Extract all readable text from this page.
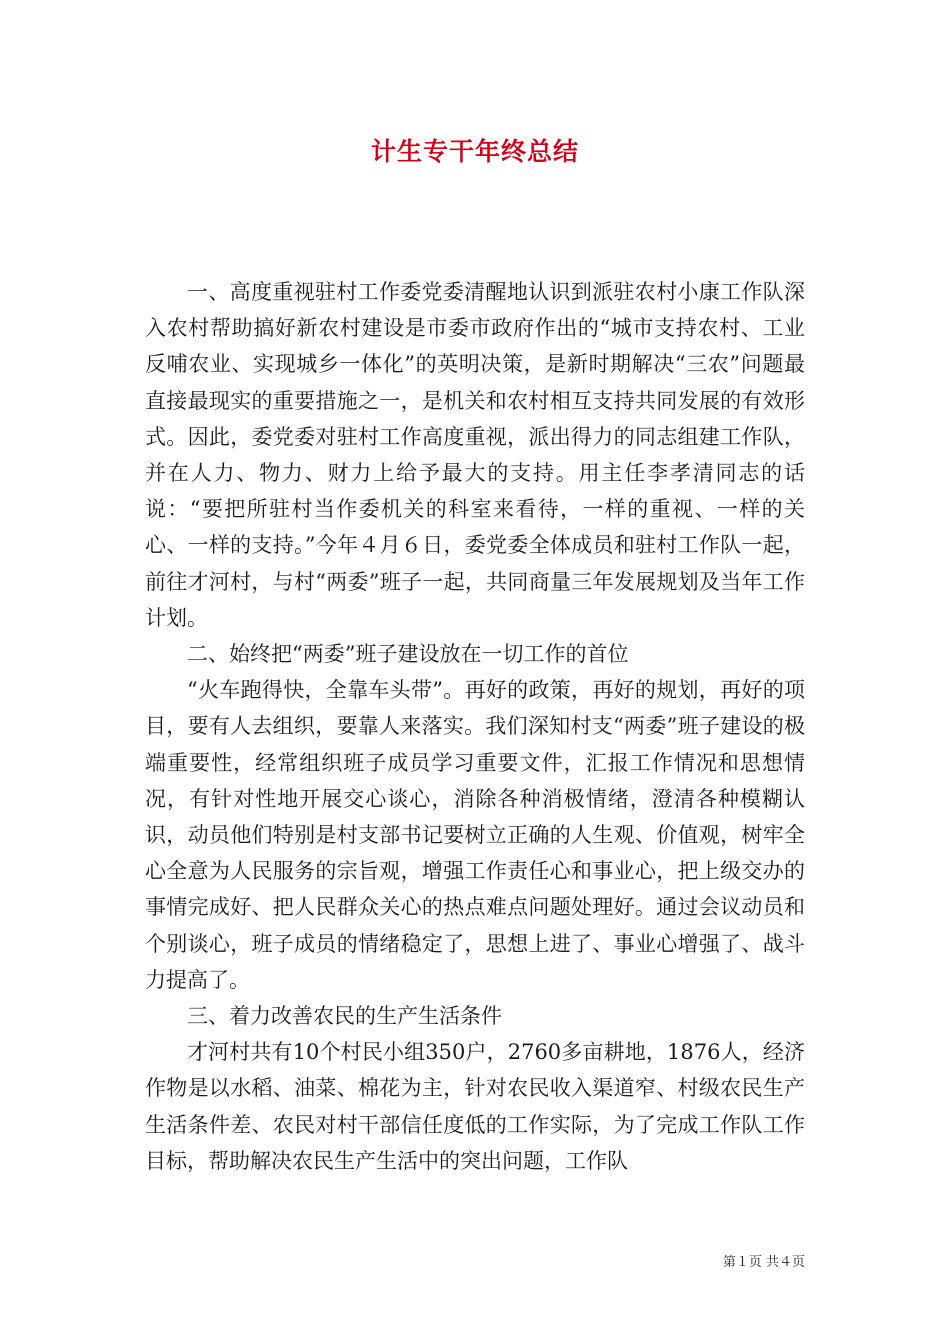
计生专干年终总结

一、高度重视驻村工作委党委清醒地认识到派驻农村小康工作队深入农村帮助搞好新农村建设是市委市政府作出的“城市支持农村、工业反哺农业、实现城乡一体化”的英明决策，是新时期解决“三农”问题最直接最现实的重要措施之一，是机关和农村相互支持共同发展的有效形式。因此，委党委对驻村工作高度重视，派出得力的同志组建工作队，并在人力、物力、财力上给予最大的支持。用主任李孝清同志的话说：“要把所驻村当作委机关的科室来看待，一样的重视、一样的关心、一样的支持。”今年４月６日，委党委全体成员和驻村工作队一起，前往才河村，与村“两委”班子一起，共同商量三年发展规划及当年工作计划。

二、始终把“两委”班子建设放在一切工作的首位

“火车跑得快，全靠车头带”。再好的政策，再好的规划，再好的项目，要有人去组织，要靠人来落实。我们深知村支“两委”班子建设的极端重要性，经常组织班子成员学习重要文件，汇报工作情况和思想情况，有针对性地开展交心谈心，消除各种消极情绪，澄清各种模糊认识，动员他们特别是村支部书记要树立正确的人生观、价值观，树牢全心全意为人民服务的宗旨观，增强工作责任心和事业心，把上级交办的事情完成好、把人民群众关心的热点难点问题处理好。通过会议动员和个别谈心，班子成员的情绪稳定了，思想上进了、事业心增强了、战斗力提高了。

三、着力改善农民的生产生活条件

才河村共有10个村民小组350户，2760多亩耕地，1876人，经济作物是以水稻、油菜、棉花为主，针对农民收入渠道窄、村级农民生产生活条件差、农民对村干部信任度低的工作实际，为了完成工作队工作目标，帮助解决农民生产生活中的突出问题，工作队

第１页 共４页
